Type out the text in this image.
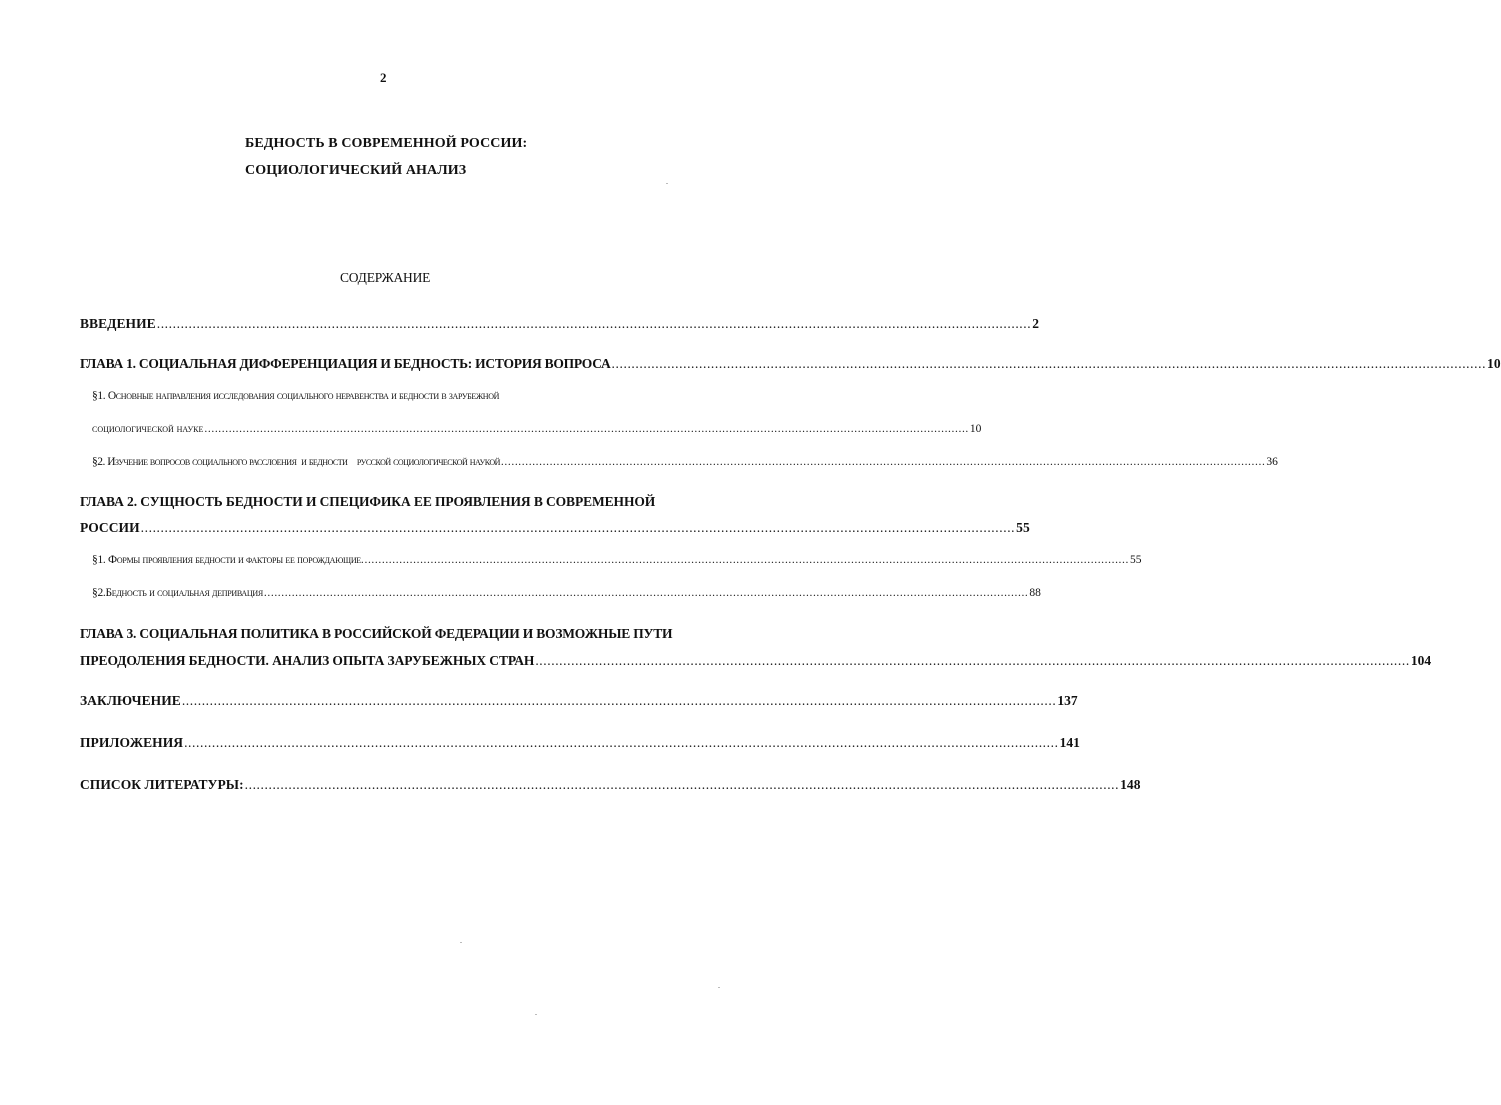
2
БЕДНОСТЬ В СОВРЕМЕННОЙ РОССИИ:
СОЦИОЛОГИЧЕСКИЙ АНАЛИЗ
СОДЕРЖАНИЕ
ВВЕДЕНИЕ ............................................................................................................................................................................................................................ 2
ГЛАВА 1. СОЦИАЛЬНАЯ ДИФФЕРЕНЦИАЦИЯ И БЕДНОСТЬ: ИСТОРИЯ ВОПРОСА ............................................................................................................................................................................................................................ 10
§1. Основные направления исследования социального неравенства и бедности в зарубежной
социологической науке ............................................................................................................................................................................................................................ 10
§2. Изучение вопросов социального расслоения  и бедности    русской социологической наукой ............................................................................................................................................................................................................................ 36
ГЛАВА 2. СУЩНОСТЬ БЕДНОСТИ И СПЕЦИФИКА ЕЕ ПРОЯВЛЕНИЯ В СОВРЕМЕННОЙ
РОССИИ ............................................................................................................................................................................................................................ 55
§1. Формы проявления бедности и факторы ее порождающие. ............................................................................................................................................................................................................................ 55
§2.Бедность и социальная депривация ............................................................................................................................................................................................................................ 88
ГЛАВА 3. СОЦИАЛЬНАЯ ПОЛИТИКА В РОССИЙСКОЙ ФЕДЕРАЦИИ И ВОЗМОЖНЫЕ ПУТИ
ПРЕОДОЛЕНИЯ БЕДНОСТИ. АНАЛИЗ ОПЫТА ЗАРУБЕЖНЫХ СТРАН ............................................................................................................................................................................................................................ 104
ЗАКЛЮЧЕНИЕ ............................................................................................................................................................................................................................ 137
ПРИЛОЖЕНИЯ ............................................................................................................................................................................................................................ 141
СПИСОК ЛИТЕРАТУРЫ: ............................................................................................................................................................................................................................ 148
